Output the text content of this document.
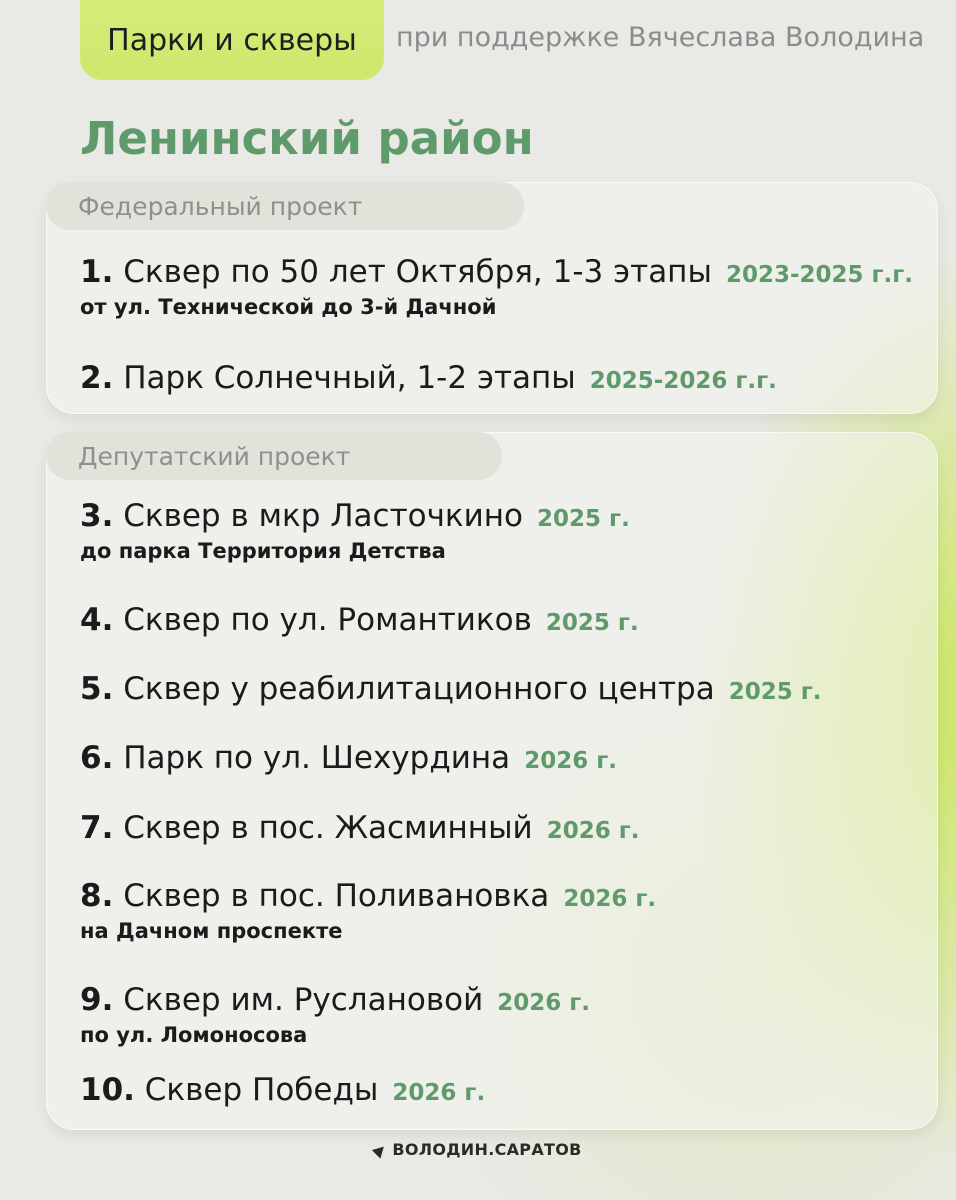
Парки и скверы	при поддержке Вячеслава Володина
Ленинский район
Федеральный проект
Депутатский проект
1. Сквер по 50 лет Октября, 1-3 этапы 2023-2025 г.г.
от ул. Технической до 3-й Дачной
2. Парк Солнечный, 1-2 этапы 2025-2026 г.г.
3. Сквер в мкр Ласточкино 2025 г.
до парка Территория Детства
4. Сквер по ул. Романтиков 2025 г.
5. Сквер у реабилитационного центра 2025 г.
6. Парк по ул. Шехурдина 2026 г.
7. Сквер в пос. Жасминный 2026 г.
8. Сквер в пос. Поливановка 2026 г.
на Дачном проспекте
9. Сквер им. Руслановой 2026 г.
по ул. Ломоносова
10. Сквер Победы 2026 г.
ВОЛОДИН.САРАТОВ
